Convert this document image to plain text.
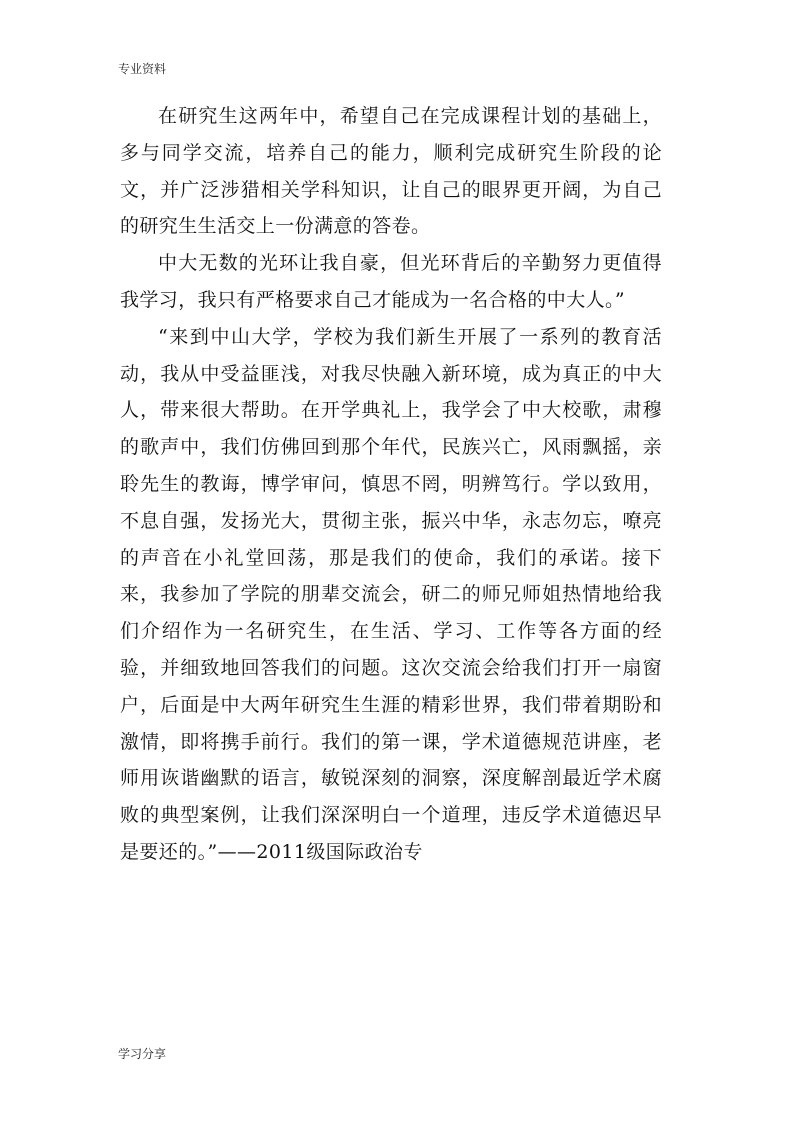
专业资料

在研究生这两年中，希望自己在完成课程计划的基础上，多与同学交流，培养自己的能力，顺利完成研究生阶段的论文，并广泛涉猎相关学科知识，让自己的眼界更开阔，为自己的研究生生活交上一份满意的答卷。

中大无数的光环让我自豪，但光环背后的辛勤努力更值得我学习，我只有严格要求自己才能成为一名合格的中大人。”

“来到中山大学，学校为我们新生开展了一系列的教育活动，我从中受益匪浅，对我尽快融入新环境，成为真正的中大人，带来很大帮助。在开学典礼上，我学会了中大校歌，肃穆的歌声中，我们仿佛回到那个年代，民族兴亡，风雨飘摇，亲聆先生的教诲，博学审问，慎思不罔，明辨笃行。学以致用，不息自强，发扬光大，贯彻主张，振兴中华，永志勿忘，嘹亮的声音在小礼堂回荡，那是我们的使命，我们的承诺。接下来，我参加了学院的朋辈交流会，研二的师兄师姐热情地给我们介绍作为一名研究生，在生活、学习、工作等各方面的经验，并细致地回答我们的问题。这次交流会给我们打开一扇窗户，后面是中大两年研究生生涯的精彩世界，我们带着期盼和激情，即将携手前行。我们的第一课，学术道德规范讲座，老师用诙谐幽默的语言，敏锐深刻的洞察，深度解剖最近学术腐败的典型案例，让我们深深明白一个道理，违反学术道德迟早是要还的。”——2011级国际政治专

学习分享
